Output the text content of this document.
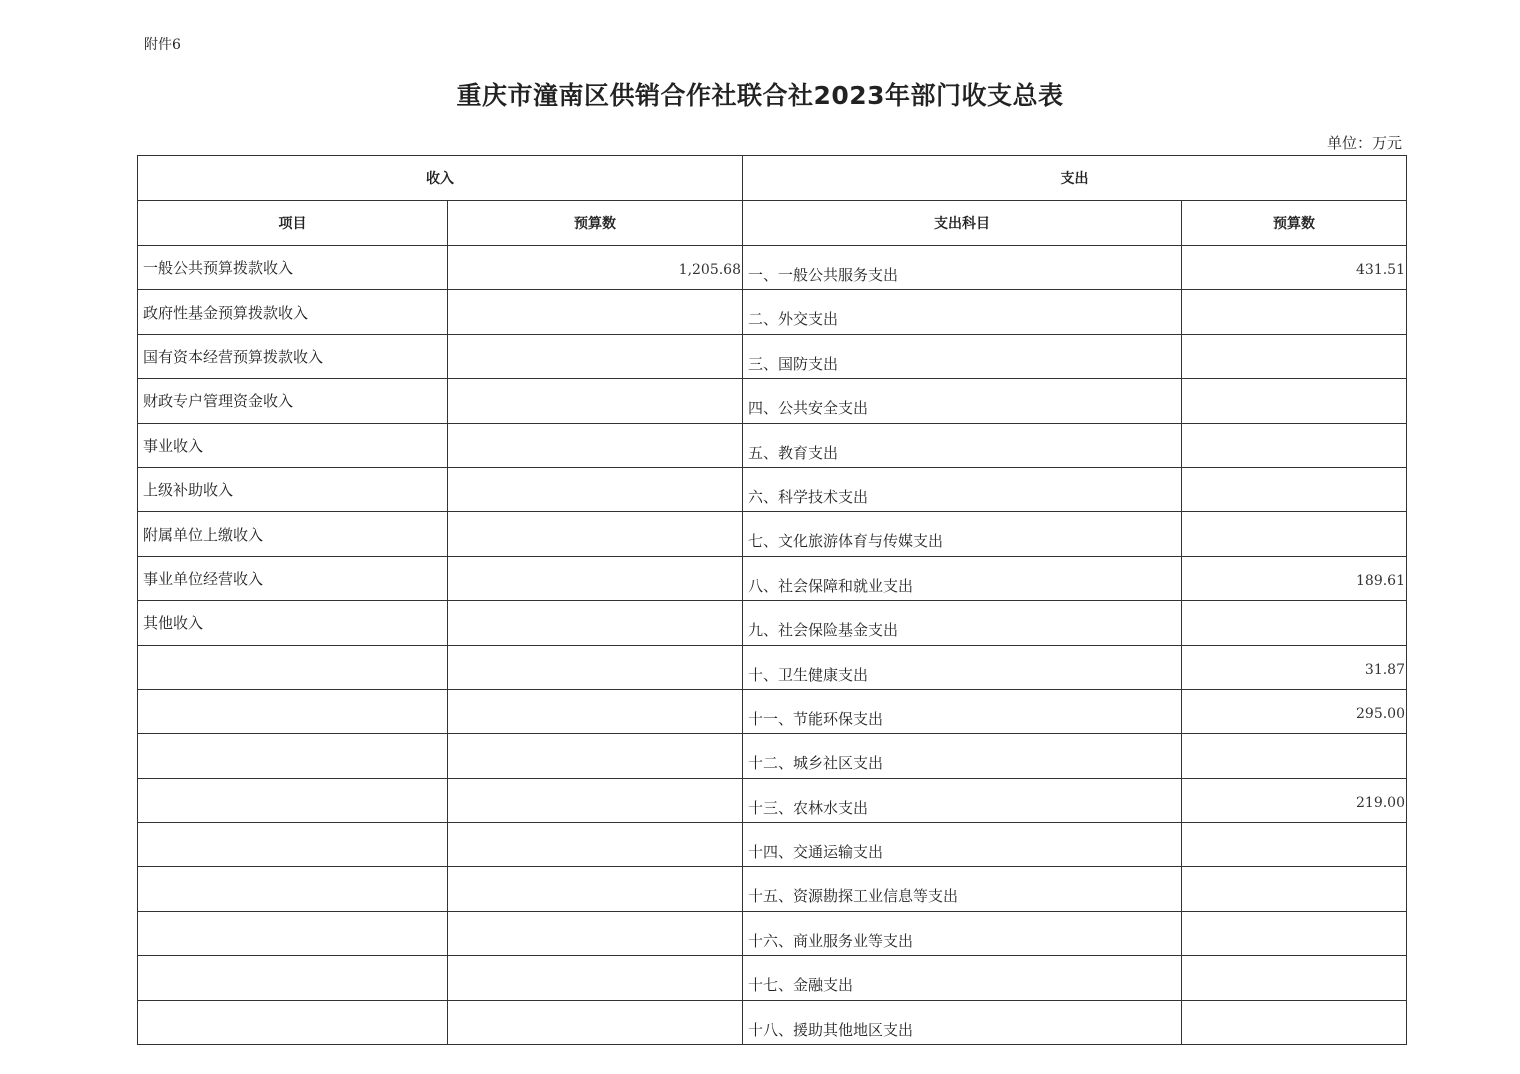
附件6
重庆市潼南区供销合作社联合社2023年部门收支总表
单位：万元
收入		支出	
项目	预算数	支出科目	预算数
一般公共预算拨款收入	1,205.68	一、一般公共服务支出	431.51
政府性基金预算拨款收入		二、外交支出	
国有资本经营预算拨款收入		三、国防支出	
财政专户管理资金收入		四、公共安全支出	
事业收入		五、教育支出	
上级补助收入		六、科学技术支出	
附属单位上缴收入		七、文化旅游体育与传媒支出	
事业单位经营收入		八、社会保障和就业支出	189.61
其他收入		九、社会保险基金支出	
		十、卫生健康支出	31.87
		十一、节能环保支出	295.00
		十二、城乡社区支出	
		十三、农林水支出	219.00
		十四、交通运输支出	
		十五、资源勘探工业信息等支出	
		十六、商业服务业等支出	
		十七、金融支出	
		十八、援助其他地区支出	
